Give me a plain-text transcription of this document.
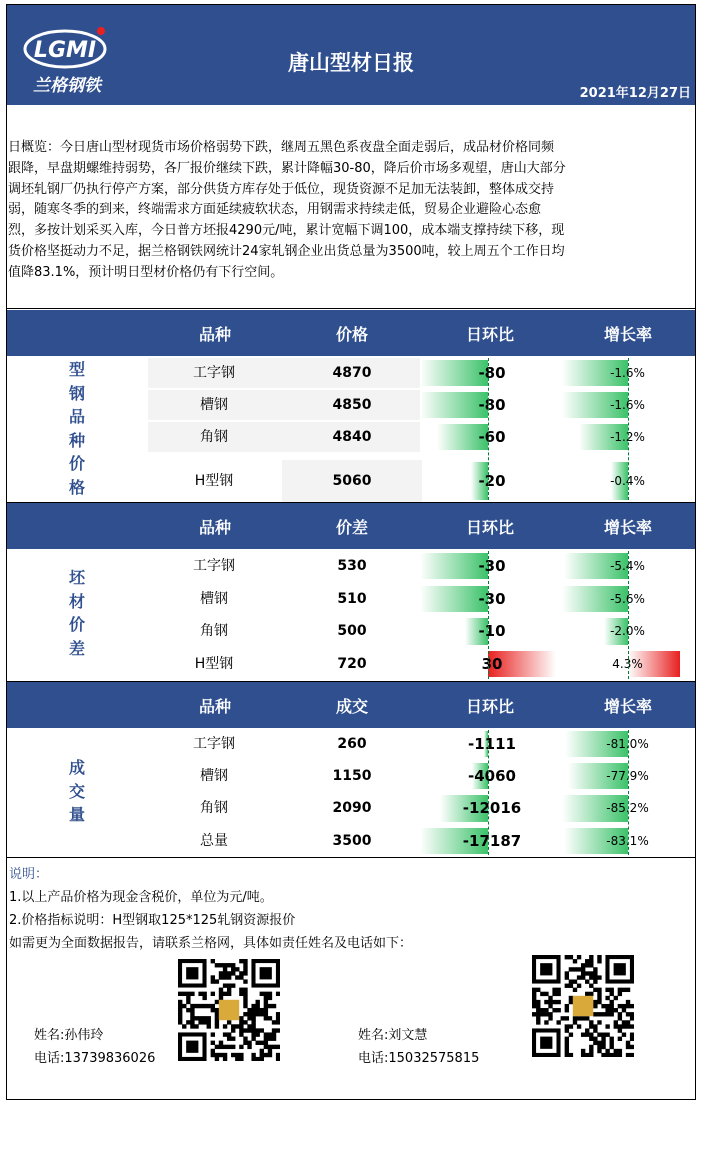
LGMI
兰格钢铁
唐山型材日报
2021年12月27日
日概览：今日唐山型材现货市场价格弱势下跌，继周五黑色系夜盘全面走弱后，成品材价格同频
跟降，早盘期螺维持弱势，各厂报价继续下跌，累计降幅30-80，降后价市场多观望，唐山大部分
调坯轧钢厂仍执行停产方案，部分供货方库存处于低位，现货资源不足加无法装卸，整体成交持
弱，随寒冬季的到来，终端需求方面延续疲软状态，用钢需求持续走低，贸易企业避险心态愈
烈，多按计划采买入库，今日普方坯报4290元/吨，累计宽幅下调100，成本端支撑持续下移，现
货价格坚挺动力不足，据兰格钢铁网统计24家轧钢企业出货总量为3500吨，较上周五个工作日均
值降83.1%，预计明日型材价格仍有下行空间。
品种	价格	日环比	增长率
型
钢
品
种
价
格
工字钢	4870	-80	-1.6%
槽钢	4850	-80	-1.6%
角钢	4840	-60	-1.2%
H型钢	5060	-20	-0.4%
品种	价差	日环比	增长率
坯
材
价
差
工字钢	530	-30	-5.4%
槽钢	510	-30	-5.6%
角钢	500	-10	-2.0%
H型钢	720	30	4.3%
品种	成交	日环比	增长率
成
交
量
工字钢	260	-1111	-81.0%
槽钢	1150	-4060	-77.9%
角钢	2090	-12016	-85.2%
总量	3500	-17187	-83.1%
说明：
1.以上产品价格为现金含税价，单位为元/吨。
2.价格指标说明：H型钢取125*125轧钢资源报价
如需更为全面数据报告，请联系兰格网，具体如责任姓名及电话如下：
姓名:孙伟玲
电话:13739836026
姓名:刘文慧
电话:15032575815
